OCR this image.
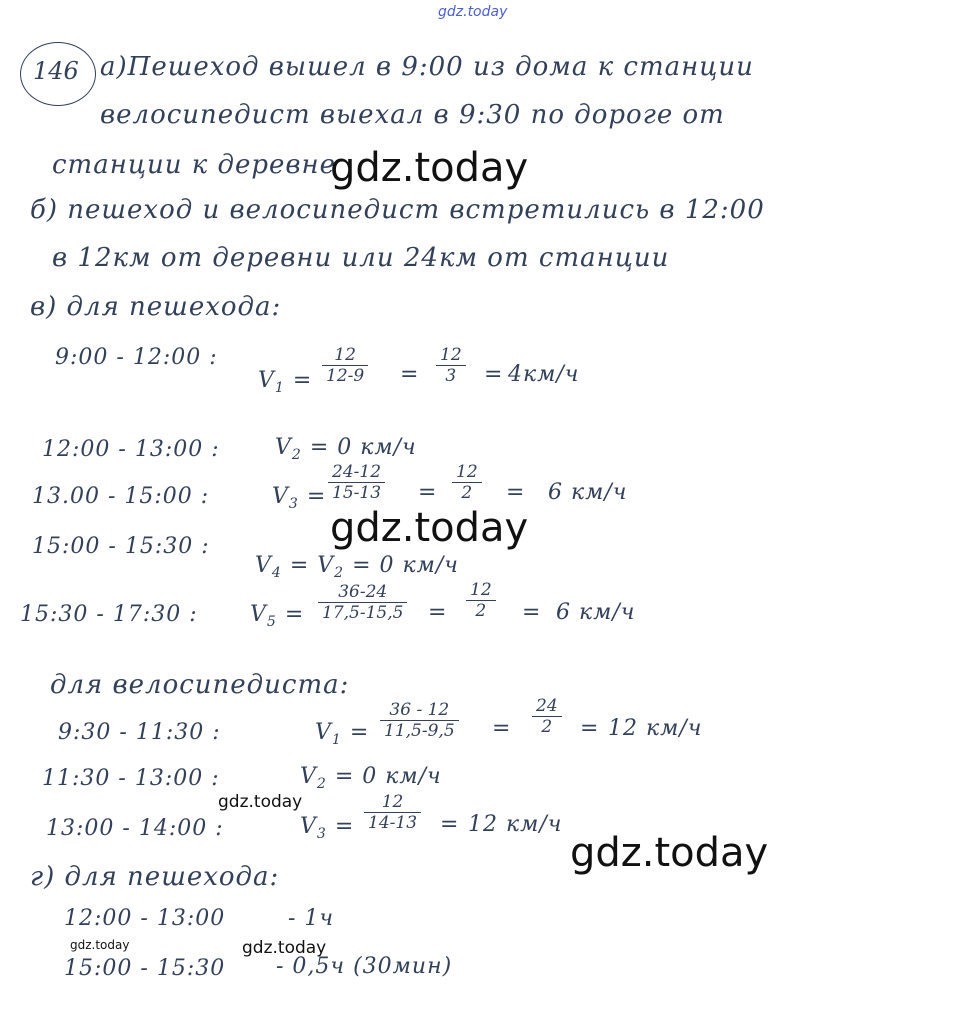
gdz.today
146 а)Пешеход вышел в 9:00 из дома к станции
велосипедист выехал в 9:30 по дороге от
станции к деревне
б) пешеход и велосипедист встретились в 12:00
в 12км от деревни или 24км от станции
в) для пешехода:
9:00 - 12:00 :
$V_1 = \frac{12}{12-9} = \frac{12}{3} = 4км/ч$
12:00 - 13:00 :	$V_2 = 0$ км/ч
13.00 - 15:00 :	$V_3 = \frac{24-12}{15-13} = \frac{12}{2} = 6$ км/ч
15:00 - 15:30 :
$V_4 = V_2 = 0$ км/ч
15:30 - 17:30 : $V_5 = \frac{36-24}{17,5-15,5} = \frac{12}{2} = 6$ км/ч
для велосипедиста:
9:30 - 11:30 :	$V_1 = \frac{36 - 12}{11,5-9,5} = \frac{24}{2} = 12$ км/ч
11:30 - 13:00 :	$V_2 = 0$ км/ч
13:00 - 14:00 :	$V_3 = \frac{12}{14-13} = 12$ км/ч
г) для пешехода:
12:00 - 13:00	- 1ч
15:00 - 15:30 - 0,5ч (30мин)
gdz.today
gdz.today
gdz.today
gdz.today
gdz.today
gdz.today
